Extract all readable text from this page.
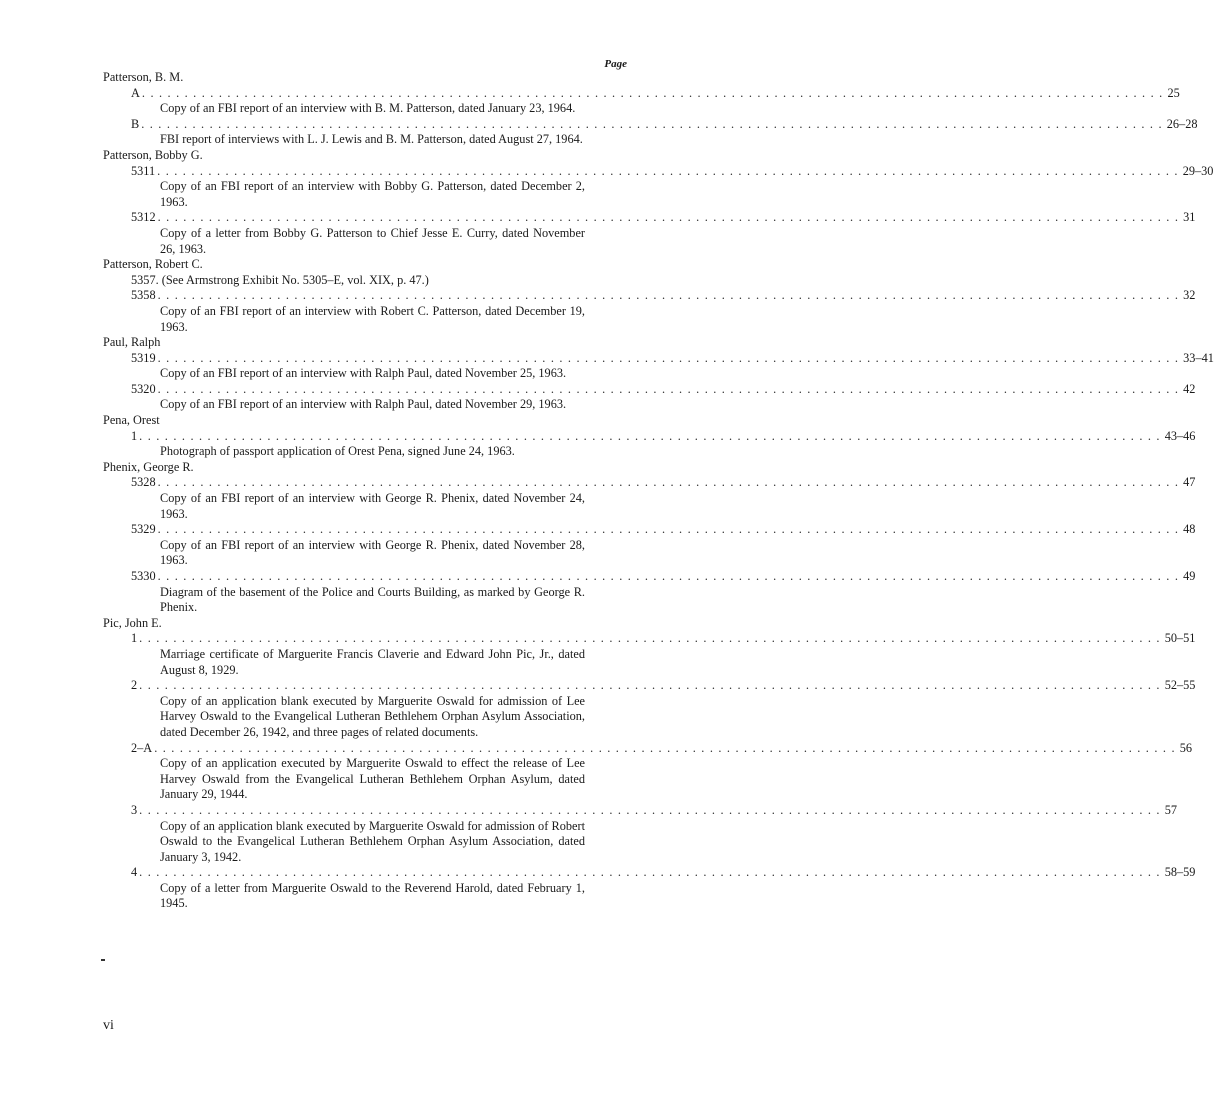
Page
Patterson, B. M.
A . . . . . . . . . . . . . . . . . . . . . . . . . . . . . . . . . . . . . . . . . . . . . . . . . . . . . . . . . . . . . . . . . . . . . . . . . . . . . . . . . . . . . . . . . . . . . . . . . . . . . . . . . . . . . . . . . . . . . . . . 25
Copy of an FBI report of an interview with B. M. Patterson, dated January 23, 1964.
B . . . . . . . . . . . . . . . . . . . . . . . . . . . . . . . . . . . . . . . . . . . . . . . . . . . . . . . . . . . . . . . . . . . . . . . . . . . . . . . . . . . . . . . . . . . . . . . . . . . . . . . . . . . . . . . . . . . . . . . . 26–28
FBI report of interviews with L. J. Lewis and B. M. Patterson, dated August 27, 1964.
Patterson, Bobby G.
5311 . . . . . . . . . . . . . . . . . . . . . . . . . . . . . . . . . . . . . . . . . . . . . . . . . . . . . . . . . . . . . . . . . . . . . . . . . . . . . . . . . . . . . . . . . . . . . . . . . . . . . . . . . . . . . . . . . . . . . . . . 29–30
Copy of an FBI report of an interview with Bobby G. Patterson, dated December 2, 1963.
5312 . . . . . . . . . . . . . . . . . . . . . . . . . . . . . . . . . . . . . . . . . . . . . . . . . . . . . . . . . . . . . . . . . . . . . . . . . . . . . . . . . . . . . . . . . . . . . . . . . . . . . . . . . . . . . . . . . . . . . . . . 31
Copy of a letter from Bobby G. Patterson to Chief Jesse E. Curry, dated November 26, 1963.
Patterson, Robert C.
5357. (See Armstrong Exhibit No. 5305–E, vol. XIX, p. 47.)
5358 . . . . . . . . . . . . . . . . . . . . . . . . . . . . . . . . . . . . . . . . . . . . . . . . . . . . . . . . . . . . . . . . . . . . . . . . . . . . . . . . . . . . . . . . . . . . . . . . . . . . . . . . . . . . . . . . . . . . . . . . 32
Copy of an FBI report of an interview with Robert C. Patterson, dated December 19, 1963.
Paul, Ralph
5319 . . . . . . . . . . . . . . . . . . . . . . . . . . . . . . . . . . . . . . . . . . . . . . . . . . . . . . . . . . . . . . . . . . . . . . . . . . . . . . . . . . . . . . . . . . . . . . . . . . . . . . . . . . . . . . . . . . . . . . . . 33–41
Copy of an FBI report of an interview with Ralph Paul, dated November 25, 1963.
5320 . . . . . . . . . . . . . . . . . . . . . . . . . . . . . . . . . . . . . . . . . . . . . . . . . . . . . . . . . . . . . . . . . . . . . . . . . . . . . . . . . . . . . . . . . . . . . . . . . . . . . . . . . . . . . . . . . . . . . . . . 42
Copy of an FBI report of an interview with Ralph Paul, dated November 29, 1963.
Pena, Orest
1 . . . . . . . . . . . . . . . . . . . . . . . . . . . . . . . . . . . . . . . . . . . . . . . . . . . . . . . . . . . . . . . . . . . . . . . . . . . . . . . . . . . . . . . . . . . . . . . . . . . . . . . . . . . . . . . . . . . . . . . . 43–46
Photograph of passport application of Orest Pena, signed June 24, 1963.
Phenix, George R.
5328 . . . . . . . . . . . . . . . . . . . . . . . . . . . . . . . . . . . . . . . . . . . . . . . . . . . . . . . . . . . . . . . . . . . . . . . . . . . . . . . . . . . . . . . . . . . . . . . . . . . . . . . . . . . . . . . . . . . . . . . . 47
Copy of an FBI report of an interview with George R. Phenix, dated November 24, 1963.
5329 . . . . . . . . . . . . . . . . . . . . . . . . . . . . . . . . . . . . . . . . . . . . . . . . . . . . . . . . . . . . . . . . . . . . . . . . . . . . . . . . . . . . . . . . . . . . . . . . . . . . . . . . . . . . . . . . . . . . . . . . 48
Copy of an FBI report of an interview with George R. Phenix, dated November 28, 1963.
5330 . . . . . . . . . . . . . . . . . . . . . . . . . . . . . . . . . . . . . . . . . . . . . . . . . . . . . . . . . . . . . . . . . . . . . . . . . . . . . . . . . . . . . . . . . . . . . . . . . . . . . . . . . . . . . . . . . . . . . . . . 49
Diagram of the basement of the Police and Courts Building, as marked by George R. Phenix.
Pic, John E.
1 . . . . . . . . . . . . . . . . . . . . . . . . . . . . . . . . . . . . . . . . . . . . . . . . . . . . . . . . . . . . . . . . . . . . . . . . . . . . . . . . . . . . . . . . . . . . . . . . . . . . . . . . . . . . . . . . . . . . . . . . 50–51
Marriage certificate of Marguerite Francis Claverie and Edward John Pic, Jr., dated August 8, 1929.
2 . . . . . . . . . . . . . . . . . . . . . . . . . . . . . . . . . . . . . . . . . . . . . . . . . . . . . . . . . . . . . . . . . . . . . . . . . . . . . . . . . . . . . . . . . . . . . . . . . . . . . . . . . . . . . . . . . . . . . . . . 52–55
Copy of an application blank executed by Marguerite Oswald for admission of Lee Harvey Oswald to the Evangelical Lutheran Bethlehem Orphan Asylum Association, dated December 26, 1942, and three pages of related documents.
2–A . . . . . . . . . . . . . . . . . . . . . . . . . . . . . . . . . . . . . . . . . . . . . . . . . . . . . . . . . . . . . . . . . . . . . . . . . . . . . . . . . . . . . . . . . . . . . . . . . . . . . . . . . . . . . . . . . . . . . . . . 56
Copy of an application executed by Marguerite Oswald to effect the release of Lee Harvey Oswald from the Evangelical Lutheran Bethlehem Orphan Asylum, dated January 29, 1944.
3 . . . . . . . . . . . . . . . . . . . . . . . . . . . . . . . . . . . . . . . . . . . . . . . . . . . . . . . . . . . . . . . . . . . . . . . . . . . . . . . . . . . . . . . . . . . . . . . . . . . . . . . . . . . . . . . . . . . . . . . . 57
Copy of an application blank executed by Marguerite Oswald for admission of Robert Oswald to the Evangelical Lutheran Bethlehem Orphan Asylum Association, dated January 3, 1942.
4 . . . . . . . . . . . . . . . . . . . . . . . . . . . . . . . . . . . . . . . . . . . . . . . . . . . . . . . . . . . . . . . . . . . . . . . . . . . . . . . . . . . . . . . . . . . . . . . . . . . . . . . . . . . . . . . . . . . . . . . . 58–59
Copy of a letter from Marguerite Oswald to the Reverend Harold, dated February 1, 1945.
vi
